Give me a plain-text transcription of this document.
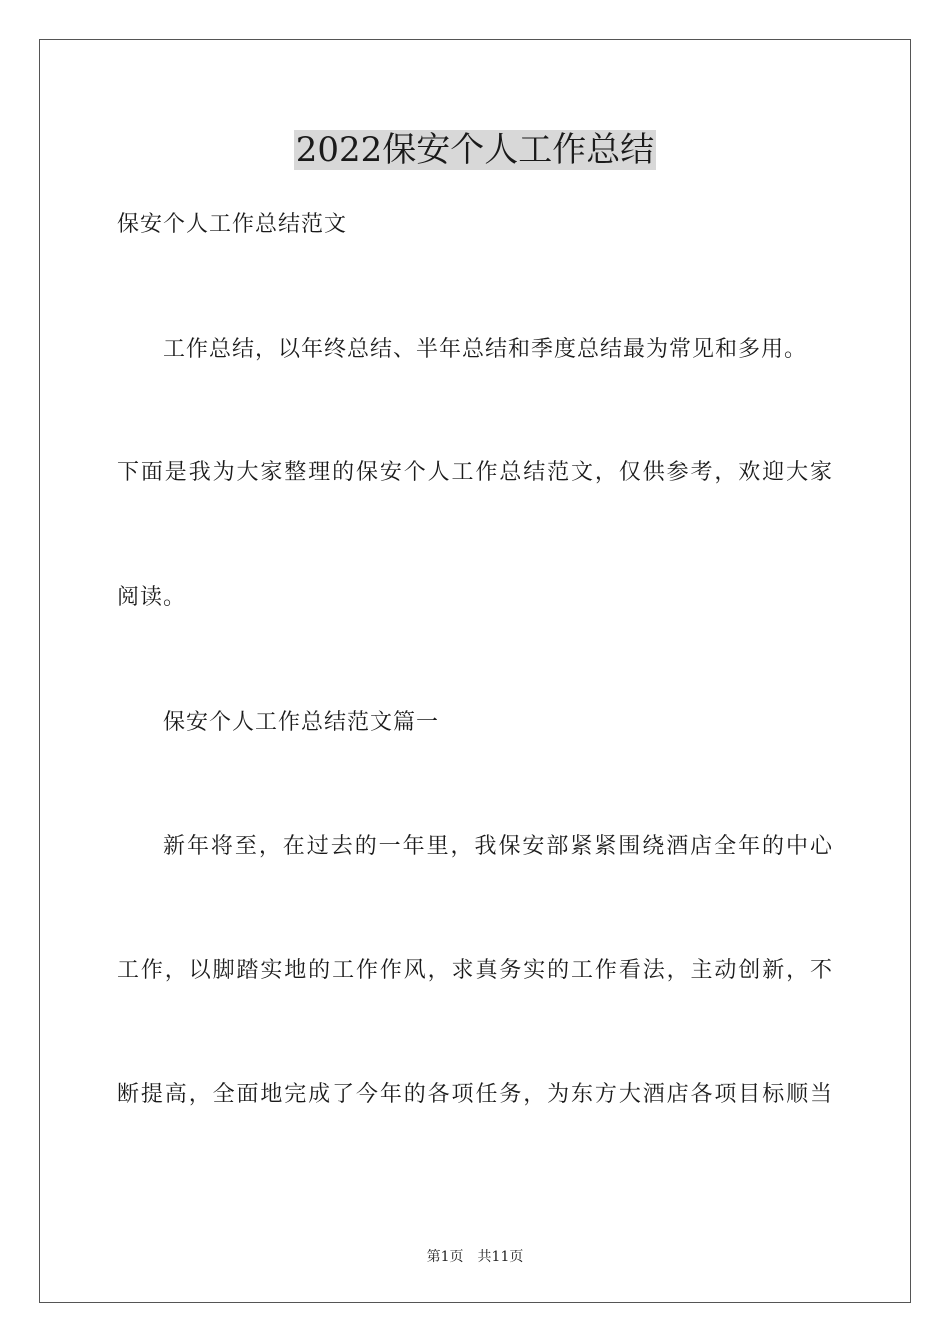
2022保安个人工作总结
保安个人工作总结范文
工作总结，以年终总结、半年总结和季度总结最为常见和多用。
下面是我为大家整理的保安个人工作总结范文，仅供参考，欢迎大家
阅读。
保安个人工作总结范文篇一
新年将至，在过去的一年里，我保安部紧紧围绕酒店全年的中心
工作，以脚踏实地的工作作风，求真务实的工作看法，主动创新，不
断提高，全面地完成了今年的各项任务，为东方大酒店各项目标顺当
第1页 共11页
